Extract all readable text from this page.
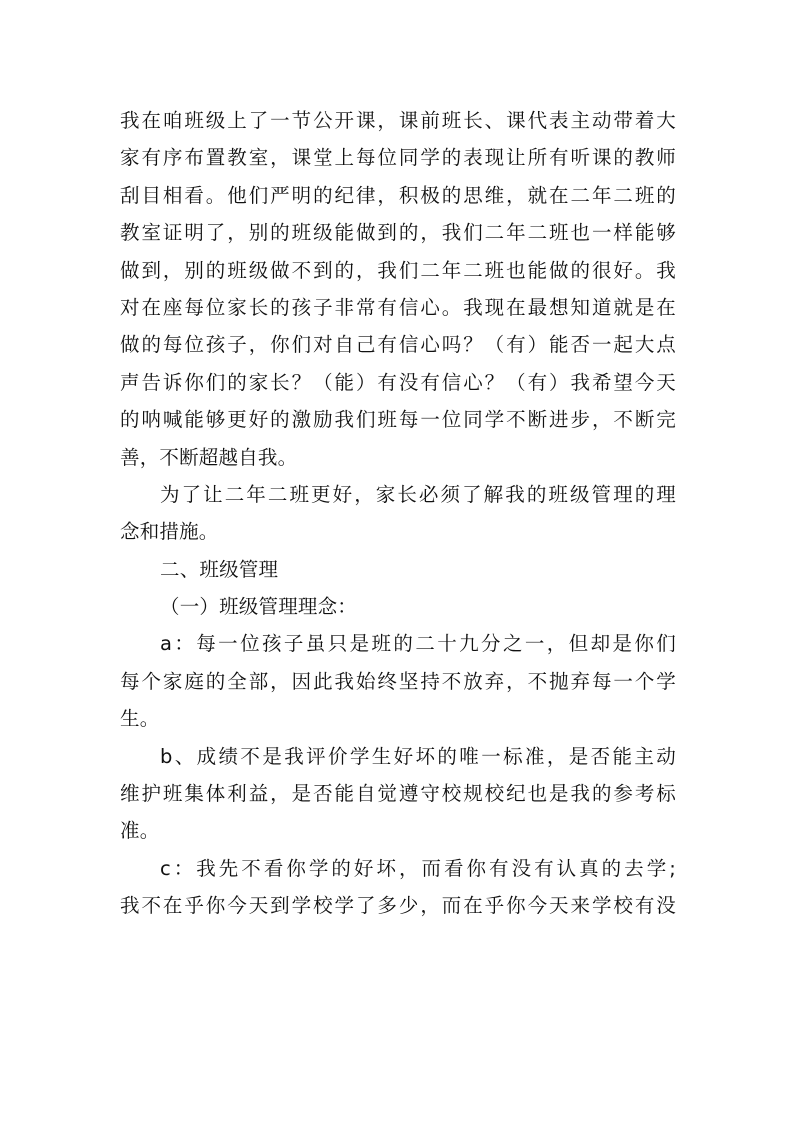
我在咱班级上了一节公开课，课前班长、课代表主动带着大
家有序布置教室，课堂上每位同学的表现让所有听课的教师
刮目相看。他们严明的纪律，积极的思维，就在二年二班的
教室证明了，别的班级能做到的，我们二年二班也一样能够
做到，别的班级做不到的，我们二年二班也能做的很好。我
对在座每位家长的孩子非常有信心。我现在最想知道就是在
做的每位孩子，你们对自己有信心吗？（有）能否一起大点
声告诉你们的家长？（能）有没有信心？（有）我希望今天
的呐喊能够更好的激励我们班每一位同学不断进步，不断完
善，不断超越自我。
为了让二年二班更好，家长必须了解我的班级管理的理
念和措施。
二、班级管理
（一）班级管理理念：
a：每一位孩子虽只是班的二十九分之一，但却是你们
每个家庭的全部，因此我始终坚持不放弃，不抛弃每一个学
生。
b、成绩不是我评价学生好坏的唯一标准，是否能主动
维护班集体利益，是否能自觉遵守校规校纪也是我的参考标
准。
c：我先不看你学的好坏，而看你有没有认真的去学;
我不在乎你今天到学校学了多少，而在乎你今天来学校有没
